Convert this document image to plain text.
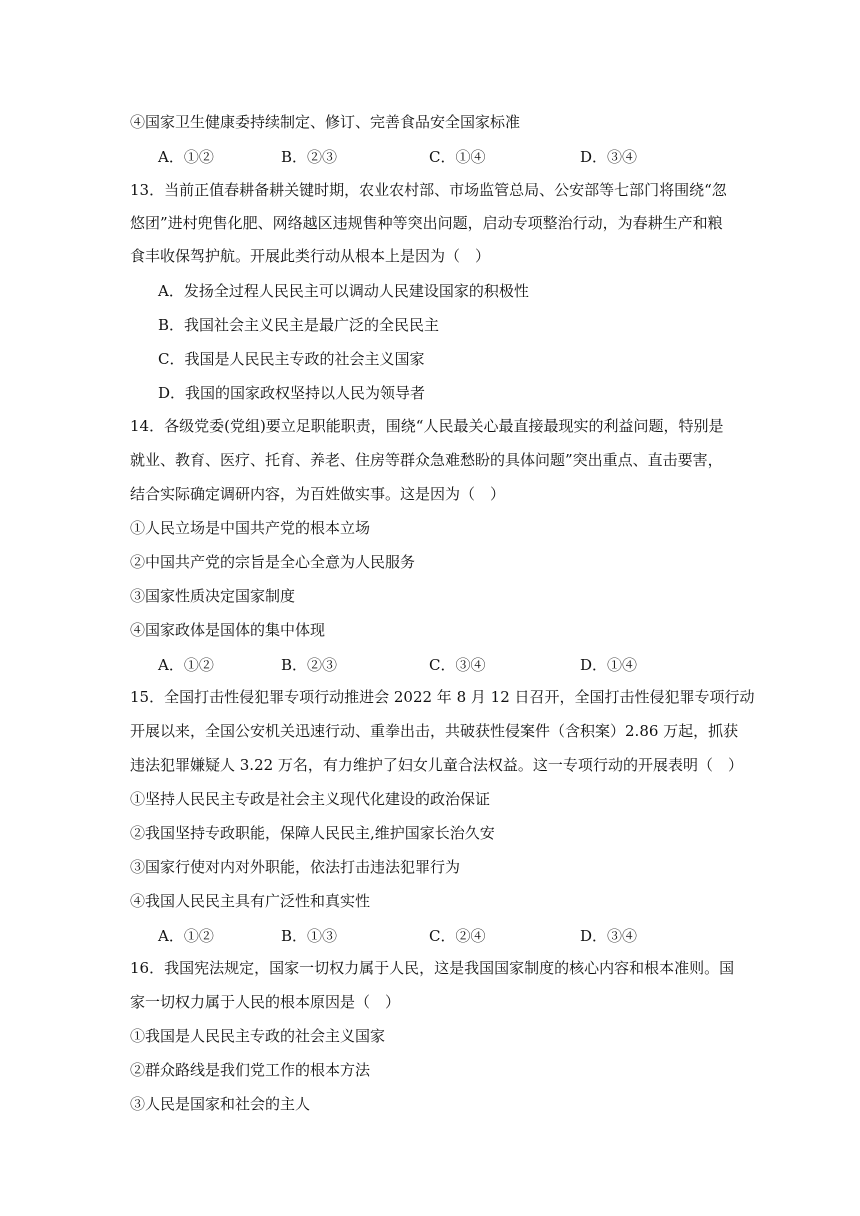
④国家卫生健康委持续制定、修订、完善食品安全国家标准
A．①②	B．②③	C．①④	D．③④
13．当前正值春耕备耕关键时期，农业农村部、市场监管总局、公安部等七部门将围绕“忽
悠团”进村兜售化肥、网络越区违规售种等突出问题，启动专项整治行动，为春耕生产和粮
食丰收保驾护航。开展此类行动从根本上是因为（　）
A．发扬全过程人民民主可以调动人民建设国家的积极性
B．我国社会主义民主是最广泛的全民民主
C．我国是人民民主专政的社会主义国家
D．我国的国家政权坚持以人民为领导者
14．各级党委(党组)要立足职能职责，围绕“人民最关心最直接最现实的利益问题，特别是
就业、教育、医疗、托育、养老、住房等群众急难愁盼的具体问题”突出重点、直击要害，
结合实际确定调研内容，为百姓做实事。这是因为（　）
①人民立场是中国共产党的根本立场
②中国共产党的宗旨是全心全意为人民服务
③国家性质决定国家制度
④国家政体是国体的集中体现
A．①②	B．②③	C．③④	D．①④
15．全国打击性侵犯罪专项行动推进会 2022 年 8 月 12 日召开，全国打击性侵犯罪专项行动
开展以来，全国公安机关迅速行动、重拳出击，共破获性侵案件（含积案）2.86 万起，抓获
违法犯罪嫌疑人 3.22 万名，有力维护了妇女儿童合法权益。这一专项行动的开展表明（　）
①坚持人民民主专政是社会主义现代化建设的政治保证
②我国坚持专政职能，保障人民民主,维护国家长治久安
③国家行使对内对外职能，依法打击违法犯罪行为
④我国人民民主具有广泛性和真实性
A．①②	B．①③	C．②④	D．③④
16．我国宪法规定，国家一切权力属于人民，这是我国国家制度的核心内容和根本准则。国
家一切权力属于人民的根本原因是（　）
①我国是人民民主专政的社会主义国家
②群众路线是我们党工作的根本方法
③人民是国家和社会的主人
